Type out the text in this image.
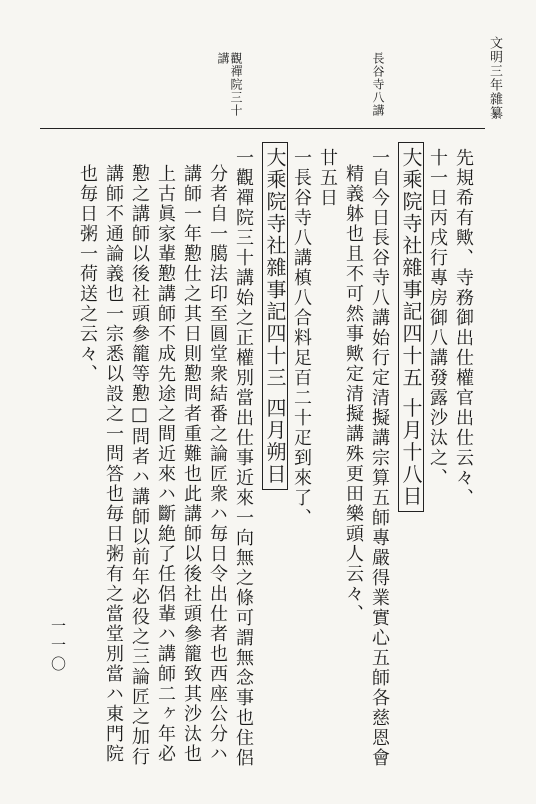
文明三年雜纂
一一〇
長谷寺八講
觀禪院三十講
先規希有歟、寺務御出仕權官出仕云々、
十一日丙戌行專房御八講發露沙汰之、
大乘院寺社雜事記四十五 十月十八日
一自今日長谷寺八講始行定清擬講宗算五師專嚴得業實心五師各慈恩會
精義躰也且不可然事歟定清擬講殊更田樂頭人云々、
廿五日
一長谷寺八講槙八合料足百二十疋到來了、
大乘院寺社雜事記四十三 四月朔日
一觀禪院三十講始之正權別當出仕事近來一向無之條可謂無念事也住侶
分者自一臈法印至圓堂衆結番之論匠衆ハ毎日令出仕者也西座公分ハ
講師一年懃仕之其日則懃問者重難也此講師以後社頭參籠致其沙汰也
上古眞家輩懃講師不成先途之間近來ハ斷絶了任侶輩ハ講師二ヶ年必
懃之講師以後社頭參籠等懃□問者ハ講師以前年必役之三論匠之加行
講師不通論義也一宗悉以設之一問答也毎日粥有之當堂別當ハ東門院
也毎日粥一荷送之云々、
